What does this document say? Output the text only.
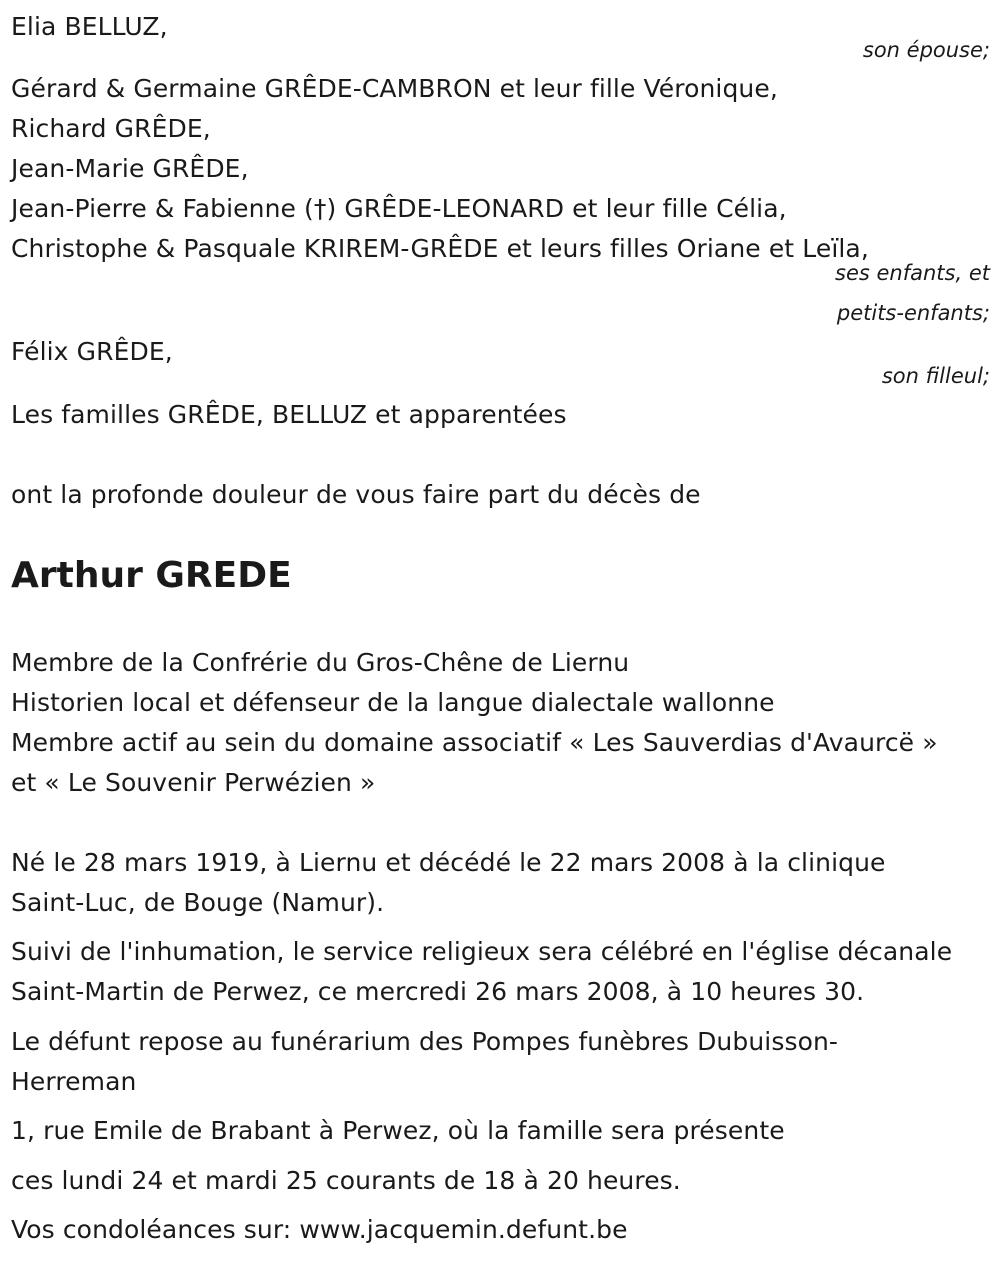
Elia BELLUZ,
son épouse;
Gérard & Germaine GRÊDE-CAMBRON et leur fille Véronique,
Richard GRÊDE,
Jean-Marie GRÊDE,
Jean-Pierre & Fabienne (†) GRÊDE-LEONARD et leur fille Célia,
Christophe & Pasquale KRIREM-GRÊDE et leurs filles Oriane et Leïla,
ses enfants, et
petits-enfants;
Félix GRÊDE,
son filleul;
Les familles GRÊDE, BELLUZ et apparentées
ont la profonde douleur de vous faire part du décès de
Arthur GREDE
Membre de la Confrérie du Gros-Chêne de Liernu
Historien local et défenseur de la langue dialectale wallonne
Membre actif au sein du domaine associatif « Les Sauverdias d'Avaurcë »
et « Le Souvenir Perwézien »
Né le 28 mars 1919, à Liernu et décédé le 22 mars 2008 à la clinique
Saint-Luc, de Bouge (Namur).
Suivi de l'inhumation, le service religieux sera célébré en l'église décanale
Saint-Martin de Perwez, ce mercredi 26 mars 2008, à 10 heures 30.
Le défunt repose au funérarium des Pompes funèbres Dubuisson-
Herreman
1, rue Emile de Brabant à Perwez, où la famille sera présente
ces lundi 24 et mardi 25 courants de 18 à 20 heures.
Vos condoléances sur: www.jacquemin.defunt.be
